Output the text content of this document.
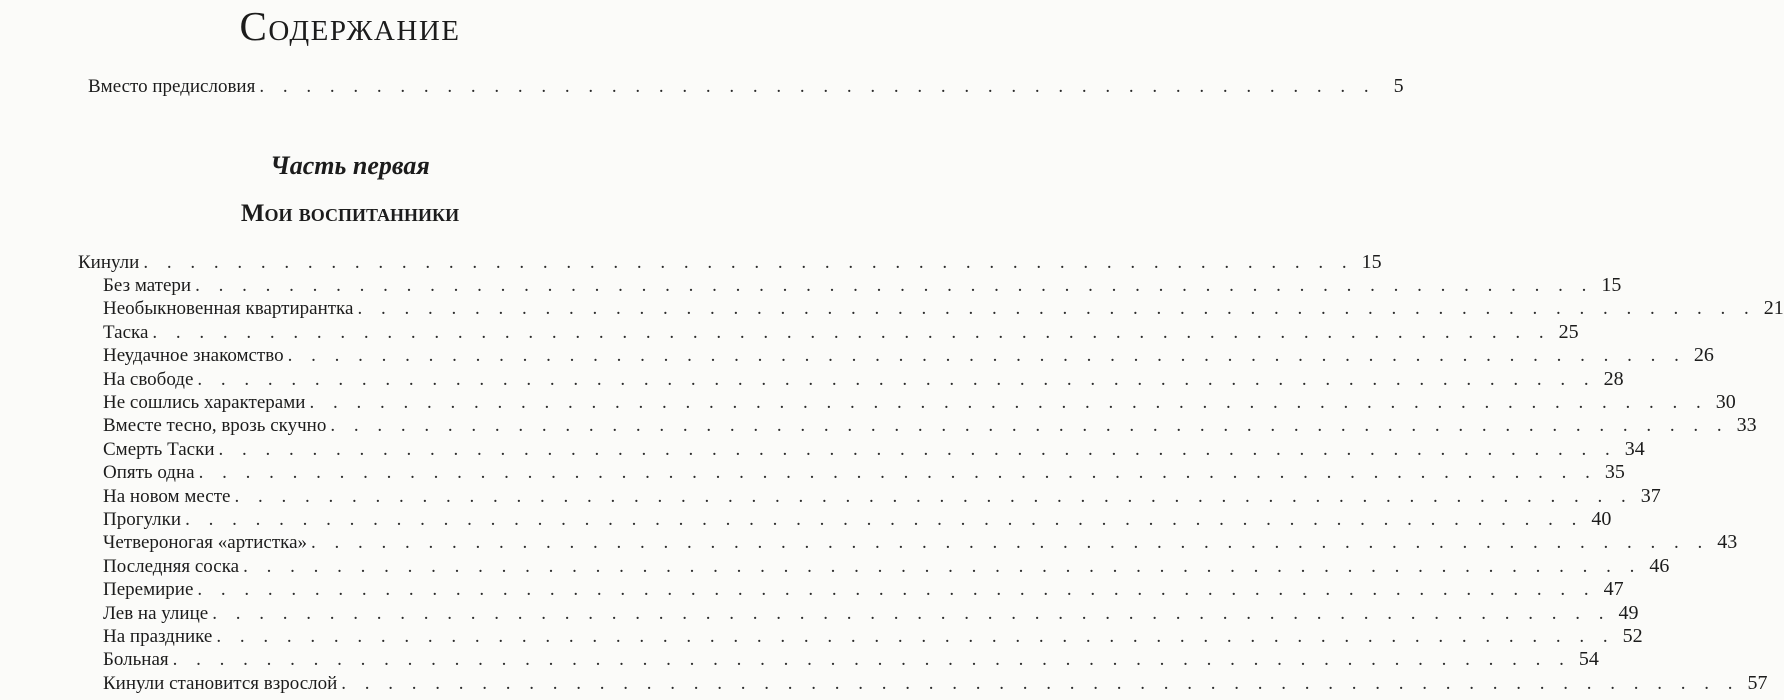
Содержание
Вместо предисловия . . . . . . . . . . . . . . . . . . . . . . . . . . . . . . . . . . . . . . . . . . . . . . . . 5
Часть первая
Мои воспитанники
Кинули . . . . . . . . . . . . . . . . . . . . . . . . . . . . . . . . . . . . . . . . . . . . . . . . . . . . 15
Без матери . . . . . . . . . . . . . . . . . . . . . . . . . . . . . . . . . . . . . . . . . . . . . . . . . . . . . . . . . . . . 15
Необыкновенная квартирантка . . . . . . . . . . . . . . . . . . . . . . . . . . . . . . . . . . . . . . . . . . . . . . . . . . . . . . . . . . . . 21
Таска . . . . . . . . . . . . . . . . . . . . . . . . . . . . . . . . . . . . . . . . . . . . . . . . . . . . . . . . . . . . 25
Неудачное знакомство . . . . . . . . . . . . . . . . . . . . . . . . . . . . . . . . . . . . . . . . . . . . . . . . . . . . . . . . . . . . 26
На свободе . . . . . . . . . . . . . . . . . . . . . . . . . . . . . . . . . . . . . . . . . . . . . . . . . . . . . . . . . . . . 28
Не сошлись характерами . . . . . . . . . . . . . . . . . . . . . . . . . . . . . . . . . . . . . . . . . . . . . . . . . . . . . . . . . . . . 30
Вместе тесно, врозь скучно . . . . . . . . . . . . . . . . . . . . . . . . . . . . . . . . . . . . . . . . . . . . . . . . . . . . . . . . . . . . 33
Смерть Таски . . . . . . . . . . . . . . . . . . . . . . . . . . . . . . . . . . . . . . . . . . . . . . . . . . . . . . . . . . . . 34
Опять одна . . . . . . . . . . . . . . . . . . . . . . . . . . . . . . . . . . . . . . . . . . . . . . . . . . . . . . . . . . . . 35
На новом месте . . . . . . . . . . . . . . . . . . . . . . . . . . . . . . . . . . . . . . . . . . . . . . . . . . . . . . . . . . . . 37
Прогулки . . . . . . . . . . . . . . . . . . . . . . . . . . . . . . . . . . . . . . . . . . . . . . . . . . . . . . . . . . . . 40
Четвероногая «артистка» . . . . . . . . . . . . . . . . . . . . . . . . . . . . . . . . . . . . . . . . . . . . . . . . . . . . . . . . . . . . 43
Последняя соска . . . . . . . . . . . . . . . . . . . . . . . . . . . . . . . . . . . . . . . . . . . . . . . . . . . . . . . . . . . . 46
Перемирие . . . . . . . . . . . . . . . . . . . . . . . . . . . . . . . . . . . . . . . . . . . . . . . . . . . . . . . . . . . . 47
Лев на улице . . . . . . . . . . . . . . . . . . . . . . . . . . . . . . . . . . . . . . . . . . . . . . . . . . . . . . . . . . . . 49
На празднике . . . . . . . . . . . . . . . . . . . . . . . . . . . . . . . . . . . . . . . . . . . . . . . . . . . . . . . . . . . . 52
Больная . . . . . . . . . . . . . . . . . . . . . . . . . . . . . . . . . . . . . . . . . . . . . . . . . . . . . . . . . . . . 54
Кинули становится взрослой . . . . . . . . . . . . . . . . . . . . . . . . . . . . . . . . . . . . . . . . . . . . . . . . . . . . . . . . . . . . 57
